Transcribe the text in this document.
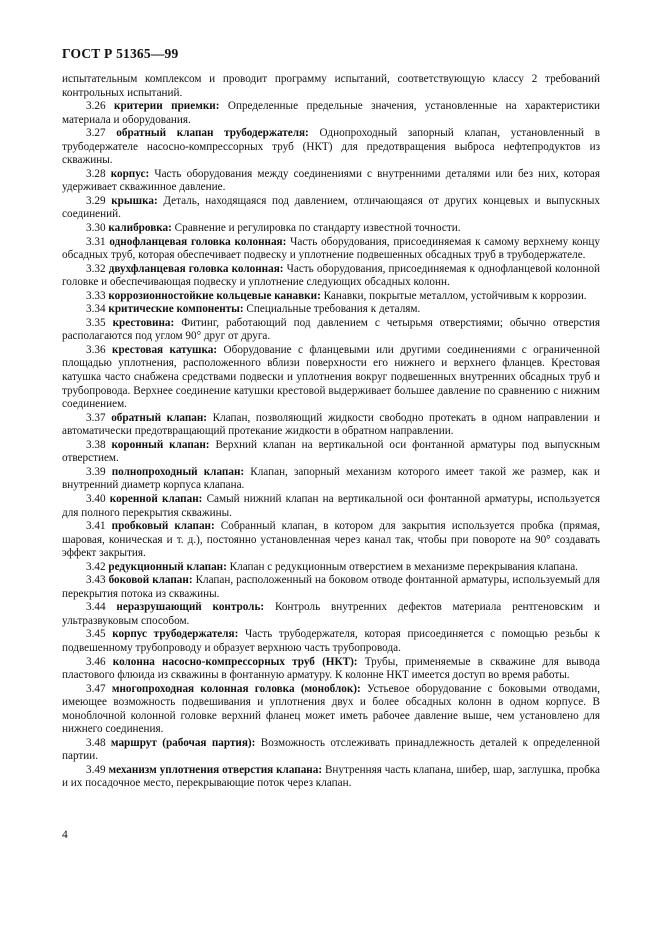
ГОСТ Р 51365—99

испытательным комплексом и проводит программу испытаний, соответствующую классу 2 требований контрольных испытаний.

3.26 критерии приемки: Определенные предельные значения, установленные на характеристики материала и оборудования.

3.27 обратный клапан трубодержателя: Однопроходный запорный клапан, установленный в трубодержателе насосно-компрессорных труб (НКТ) для предотвращения выброса нефтепродуктов из скважины.

3.28 корпус: Часть оборудования между соединениями с внутренними деталями или без них, которая удерживает скважинное давление.

3.29 крышка: Деталь, находящаяся под давлением, отличающаяся от других концевых и выпускных соединений.

3.30 калибровка: Сравнение и регулировка по стандарту известной точности.

3.31 однофланцевая головка колонная: Часть оборудования, присоединяемая к самому верхнему концу обсадных труб, которая обеспечивает подвеску и уплотнение подвешенных обсадных труб в трубодержателе.

3.32 двухфланцевая головка колонная: Часть оборудования, присоединяемая к однофланцевой колонной головке и обеспечивающая подвеску и уплотнение следующих обсадных колонн.

3.33 коррозионностойкие кольцевые канавки: Канавки, покрытые металлом, устойчивым к коррозии.

3.34 критические компоненты: Специальные требования к деталям.

3.35 крестовина: Фитинг, работающий под давлением с четырьмя отверстиями; обычно отверстия располагаются под углом 90° друг от друга.

3.36 крестовая катушка: Оборудование с фланцевыми или другими соединениями с ограниченной площадью уплотнения, расположенного вблизи поверхности его нижнего и верхнего фланцев. Крестовая катушка часто снабжена средствами подвески и уплотнения вокруг подвешенных внутренних обсадных труб и трубопровода. Верхнее соединение катушки крестовой выдерживает большее давление по сравнению с нижним соединением.

3.37 обратный клапан: Клапан, позволяющий жидкости свободно протекать в одном направлении и автоматически предотвращающий протекание жидкости в обратном направлении.

3.38 коронный клапан: Верхний клапан на вертикальной оси фонтанной арматуры под выпускным отверстием.

3.39 полнопроходный клапан: Клапан, запорный механизм которого имеет такой же размер, как и внутренний диаметр корпуса клапана.

3.40 коренной клапан: Самый нижний клапан на вертикальной оси фонтанной арматуры, используется для полного перекрытия скважины.

3.41 пробковый клапан: Собранный клапан, в котором для закрытия используется пробка (прямая, шаровая, коническая и т. д.), постоянно установленная через канал так, чтобы при повороте на 90° создавать эффект закрытия.

3.42 редукционный клапан: Клапан с редукционным отверстием в механизме перекрывания клапана.

3.43 боковой клапан: Клапан, расположенный на боковом отводе фонтанной арматуры, используемый для перекрытия потока из скважины.

3.44 неразрушающий контроль: Контроль внутренних дефектов материала рентгеновским и ультразвуковым способом.

3.45 корпус трубодержателя: Часть трубодержателя, которая присоединяется с помощью резьбы к подвешенному трубопроводу и образует верхнюю часть трубопровода.

3.46 колонна насосно-компрессорных труб (НКТ): Трубы, применяемые в скважине для вывода пластового флюида из скважины в фонтанную арматуру. К колонне НКТ имеется доступ во время работы.

3.47 многопроходная колонная головка (моноблок): Устьевое оборудование с боковыми отводами, имеющее возможность подвешивания и уплотнения двух и более обсадных колонн в одном корпусе. В моноблочной колонной головке верхний фланец может иметь рабочее давление выше, чем установлено для нижнего соединения.

3.48 маршрут (рабочая партия): Возможность отслеживать принадлежность деталей к определенной партии.

3.49 механизм уплотнения отверстия клапана: Внутренняя часть клапана, шибер, шар, заглушка, пробка и их посадочное место, перекрывающие поток через клапан.

4
